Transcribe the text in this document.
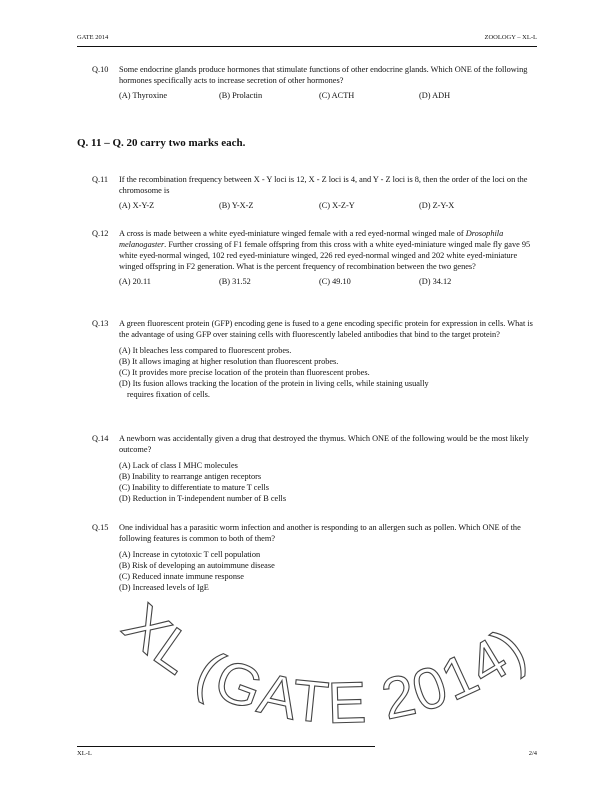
GATE 2014	ZOOLOGY – XL-L
Q.10	Some endocrine glands produce hormones that stimulate functions of other endocrine glands. Which ONE of the following hormones specifically acts to increase secretion of other hormones?
(A) Thyroxine	(B) Prolactin	(C) ACTH	(D) ADH
Q. 11 – Q. 20 carry two marks each.
Q.11	If the recombination frequency between X - Y loci is 12, X - Z loci is 4, and Y - Z loci is 8, then the order of the loci on the chromosome is
(A) X-Y-Z	(B) Y-X-Z	(C) X-Z-Y	(D) Z-Y-X
Q.12	A cross is made between a white eyed-miniature winged female with a red eyed-normal winged male of Drosophila melanogaster. Further crossing of F1 female offspring from this cross with a white eyed-miniature winged male fly gave 95 white eyed-normal winged, 102 red eyed-miniature winged, 226 red eyed-normal winged and 202 white eyed-miniature winged offspring in F2 generation. What is the percent frequency of recombination between the two genes?
(A) 20.11	(B) 31.52	(C) 49.10	(D) 34.12
Q.13	A green fluorescent protein (GFP) encoding gene is fused to a gene encoding specific protein for expression in cells. What is the advantage of using GFP over staining cells with fluorescently labeled antibodies that bind to the target protein?
(A) It bleaches less compared to fluorescent probes.
(B) It allows imaging at higher resolution than fluorescent probes.
(C) It provides more precise location of the protein than fluorescent probes.
(D) Its fusion allows tracking the location of the protein in living cells, while staining usually
requires fixation of cells.
Q.14	A newborn was accidentally given a drug that destroyed the thymus. Which ONE of the following would be the most likely outcome?
(A) Lack of class I MHC molecules
(B) Inability to rearrange antigen receptors
(C) Inability to differentiate to mature T cells
(D) Reduction in T-independent number of B cells
Q.15	One individual has a parasitic worm infection and another is responding to an allergen such as pollen. Which ONE of the following features is common to both of them?
(A) Increase in cytotoxic T cell population
(B) Risk of developing an autoimmune disease
(C) Reduced innate immune response
(D) Increased levels of IgE
XL (GATE 2014)
XL-L	2/4
